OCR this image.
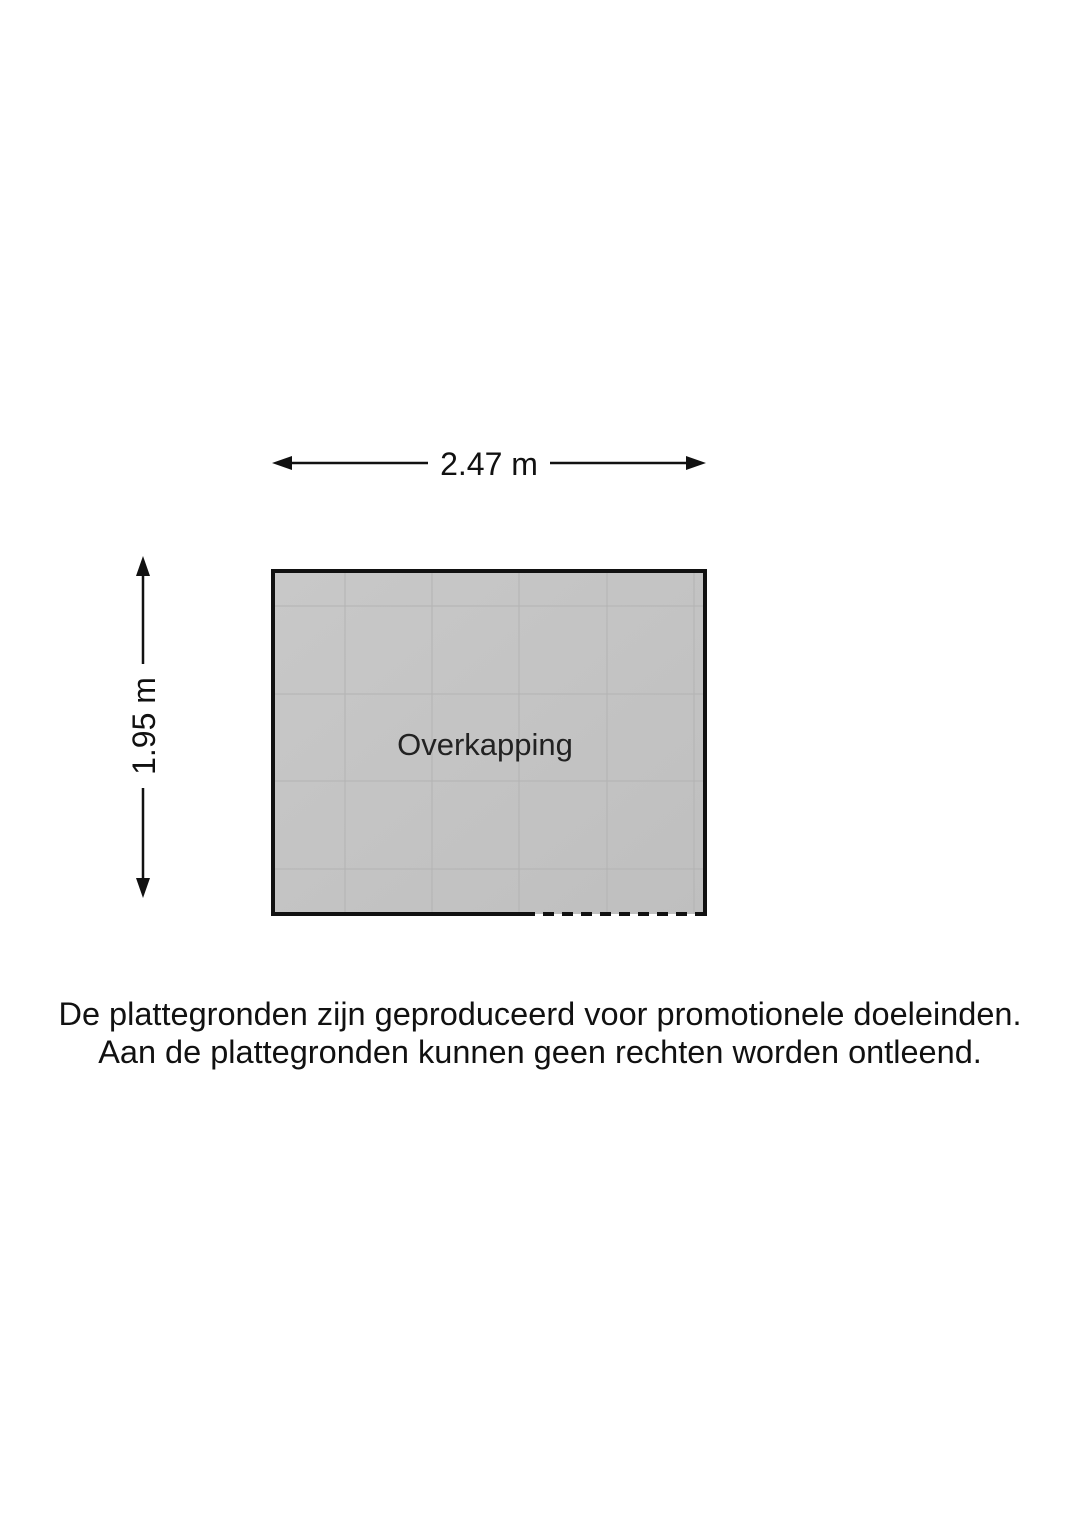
2.47 m
1.95 m	Overkapping
De plattegronden zijn geproduceerd voor promotionele doeleinden.
Aan de plattegronden kunnen geen rechten worden ontleend.
